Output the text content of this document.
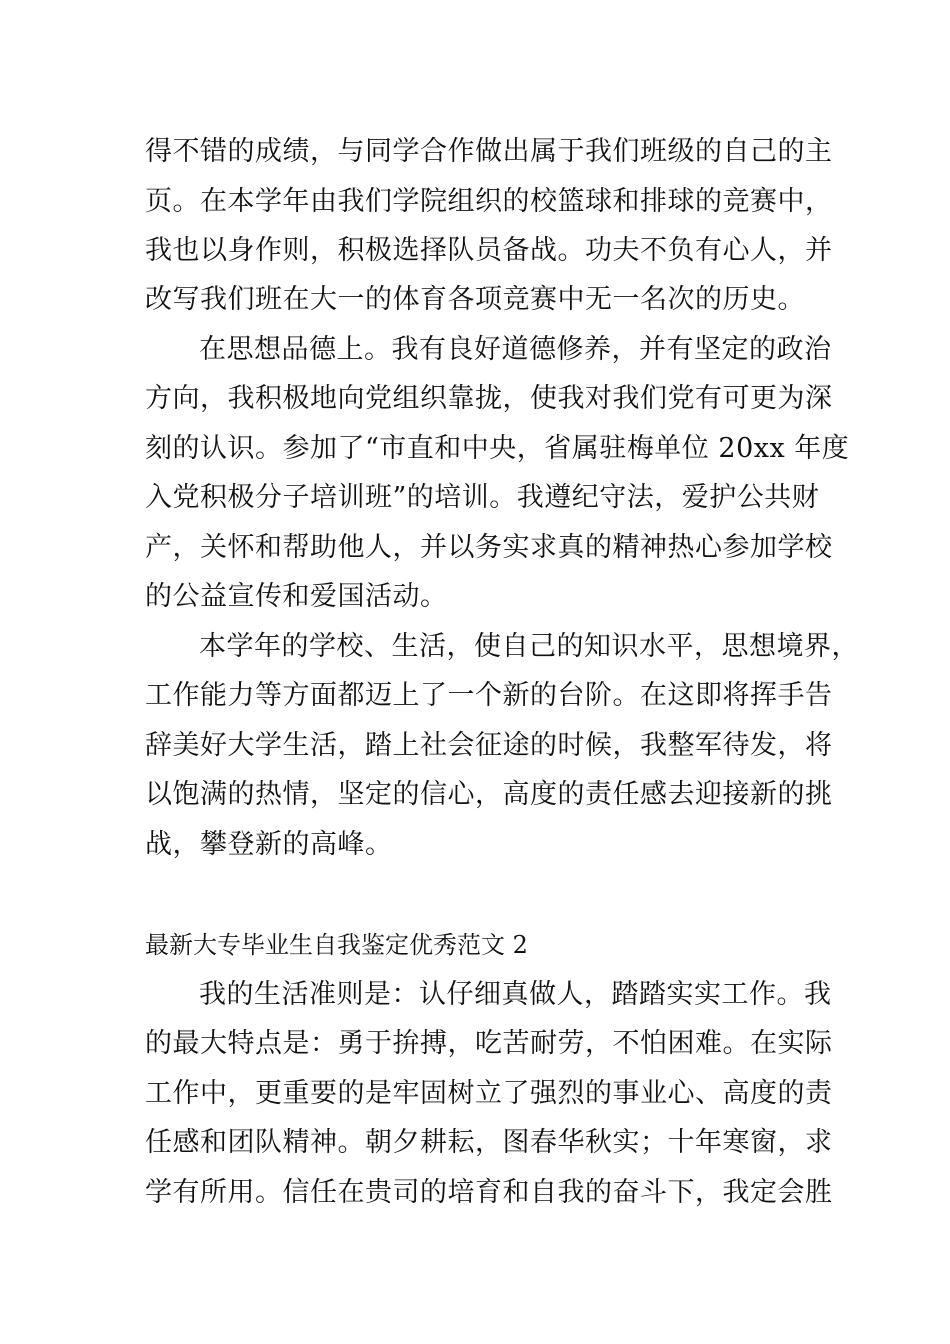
得不错的成绩，与同学合作做出属于我们班级的自己的主
页。在本学年由我们学院组织的校篮球和排球的竞赛中，
我也以身作则，积极选择队员备战。功夫不负有心人，并
改写我们班在大一的体育各项竞赛中无一名次的历史。
在思想品德上。我有良好道德修养，并有坚定的政治
方向，我积极地向党组织靠拢，使我对我们党有可更为深
刻的认识。参加了“市直和中央，省属驻梅单位 20xx 年度
入党积极分子培训班”的培训。我遵纪守法，爱护公共财
产，关怀和帮助他人，并以务实求真的精神热心参加学校
的公益宣传和爱国活动。
本学年的学校、生活，使自己的知识水平，思想境界，
工作能力等方面都迈上了一个新的台阶。在这即将挥手告
辞美好大学生活，踏上社会征途的时候，我整军待发，将
以饱满的热情，坚定的信心，高度的责任感去迎接新的挑
战，攀登新的高峰。
最新大专毕业生自我鉴定优秀范文 2
我的生活准则是：认仔细真做人，踏踏实实工作。我
的最大特点是：勇于拚搏，吃苦耐劳，不怕困难。在实际
工作中，更重要的是牢固树立了强烈的事业心、高度的责
任感和团队精神。朝夕耕耘，图春华秋实；十年寒窗，求
学有所用。信任在贵司的培育和自我的奋斗下，我定会胜
